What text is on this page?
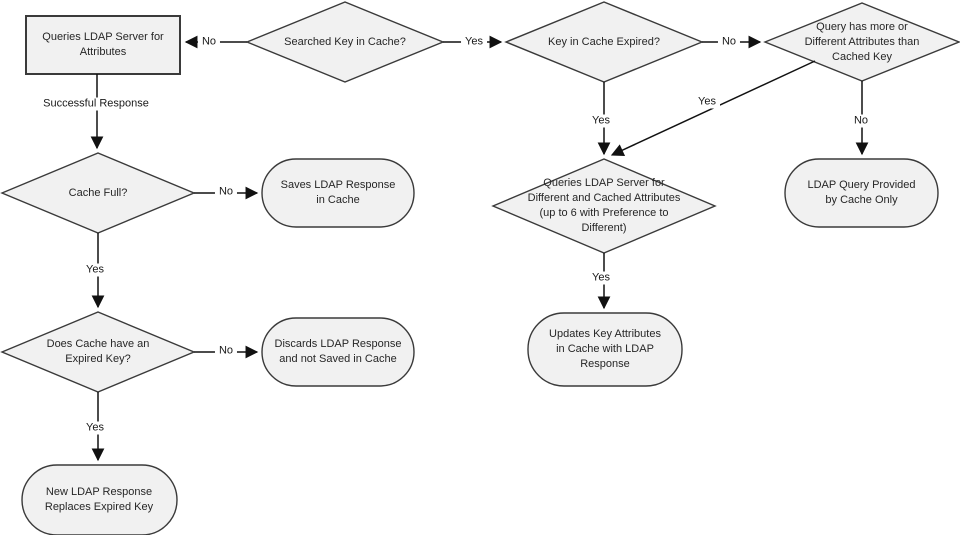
Queries LDAP Server for Attributes
Searched Key in Cache?	Key in Cache Expired?
Query has more or Different Attributes than Cached Key
Cache Full?
Saves LDAP Response in Cache
Does Cache have an Expired Key?
Discards LDAP Response and not Saved in Cache
New LDAP Response Replaces Expired Key
Queries LDAP Server for Different and Cached Attributes (up to 6 with Preference to Different)
Updates Key Attributes in Cache with LDAP Response
LDAP Query Provided by Cache Only
No	Yes	No
Successful Response
No
Yes
No
Yes
Yes
Yes
No
Yes
